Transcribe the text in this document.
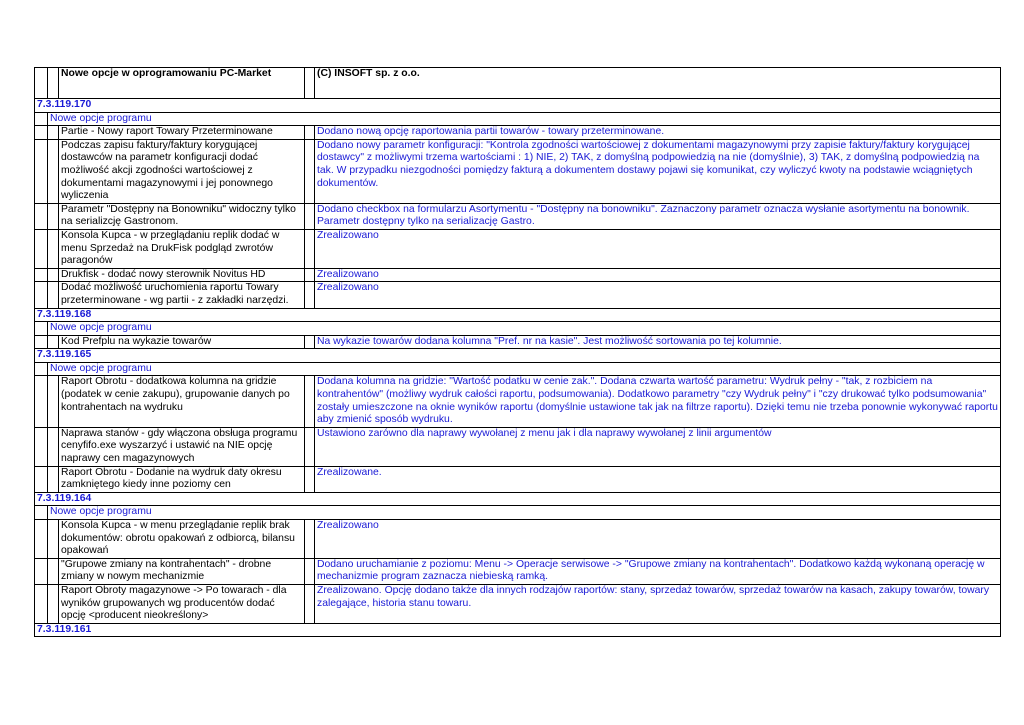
		Nowe opcje w oprogramowaniu PC-Market		(C) INSOFT sp. z o.o.
7.3.119.170				
	Nowe opcje programu			
		Partie - Nowy raport Towary Przeterminowane		Dodano nową opcję raportowania partii towarów - towary przeterminowane.
		Podczas zapisu faktury/faktury korygującej dostawców na parametr konfiguracji dodać możliwość akcji zgodności wartościowej z dokumentami magazynowymi i jej ponownego wyliczenia		Dodano nowy parametr konfiguracji: "Kontrola zgodności wartościowej z dokumentami magazynowymi przy zapisie faktury/faktury korygującej dostawcy" z możliwymi trzema wartościami : 1) NIE, 2) TAK, z domyślną podpowiedzią na nie (domyślnie), 3) TAK, z domyślną podpowiedzią na tak. W przypadku niezgodności pomiędzy fakturą a dokumentem dostawy pojawi się komunikat, czy wyliczyć kwoty na podstawie wciągniętych dokumentów.
		Parametr "Dostępny na Bonowniku" widoczny tylko na serializcję Gastronom.		Dodano checkbox na formularzu Asortymentu - "Dostępny na bonowniku". Zaznaczony parametr oznacza wysłanie asortymentu na bonownik. Parametr dostępny tylko na serializację Gastro.
		Konsola Kupca - w przeglądaniu replik dodać w menu Sprzedaż na DrukFisk podgląd zwrotów paragonów		Zrealizowano
		Drukfisk - dodać nowy sterownik Novitus HD		Zrealizowano
		Dodać możliwość uruchomienia raportu Towary przeterminowane - wg partii - z zakładki narzędzi.		Zrealizowano
7.3.119.168				
	Nowe opcje programu			
		Kod Prefplu na wykazie towarów		Na wykazie towarów dodana kolumna "Pref. nr na kasie". Jest możliwość sortowania po tej kolumnie.
7.3.119.165				
	Nowe opcje programu			
		Raport Obrotu - dodatkowa kolumna na gridzie (podatek w cenie zakupu), grupowanie danych po kontrahentach na wydruku		Dodana kolumna na gridzie: "Wartość podatku w cenie zak.". Dodana czwarta wartość parametru: Wydruk pełny - "tak, z rozbiciem na kontrahentów" (możliwy wydruk całości raportu, podsumowania). Dodatkowo parametry "czy Wydruk pełny" i "czy drukować tylko podsumowania" zostały umieszczone na oknie wyników raportu (domyślnie ustawione tak jak na filtrze raportu). Dzięki temu nie trzeba ponownie wykonywać raportu aby zmienić sposób wydruku.
		Naprawa stanów - gdy włączona obsługa programu cenyfifo.exe wyszarzyć i ustawić na NIE opcję naprawy cen magazynowych		Ustawiono zarówno dla naprawy wywołanej z menu jak i dla naprawy wywołanej z linii argumentów
		Raport Obrotu - Dodanie na wydruk daty okresu zamkniętego kiedy inne poziomy cen		Zrealizowane.
7.3.119.164				
	Nowe opcje programu			
		Konsola Kupca - w menu przeglądanie replik brak dokumentów: obrotu opakowań z odbiorcą, bilansu opakowań		Zrealizowano
		"Grupowe zmiany na kontrahentach" - drobne zmiany w nowym mechanizmie		Dodano uruchamianie z poziomu: Menu -> Operacje serwisowe -> "Grupowe zmiany na kontrahentach". Dodatkowo każdą wykonaną operację w mechanizmie program zaznacza niebieską ramką.
		Raport Obroty magazynowe -> Po towarach - dla wyników grupowanych wg producentów dodać opcję <producent nieokreślony>		Zrealizowano. Opcję dodano także dla innych rodzajów raportów: stany, sprzedaż towarów, sprzedaż towarów na kasach, zakupy towarów, towary zalegające, historia stanu towaru.
7.3.119.161				
